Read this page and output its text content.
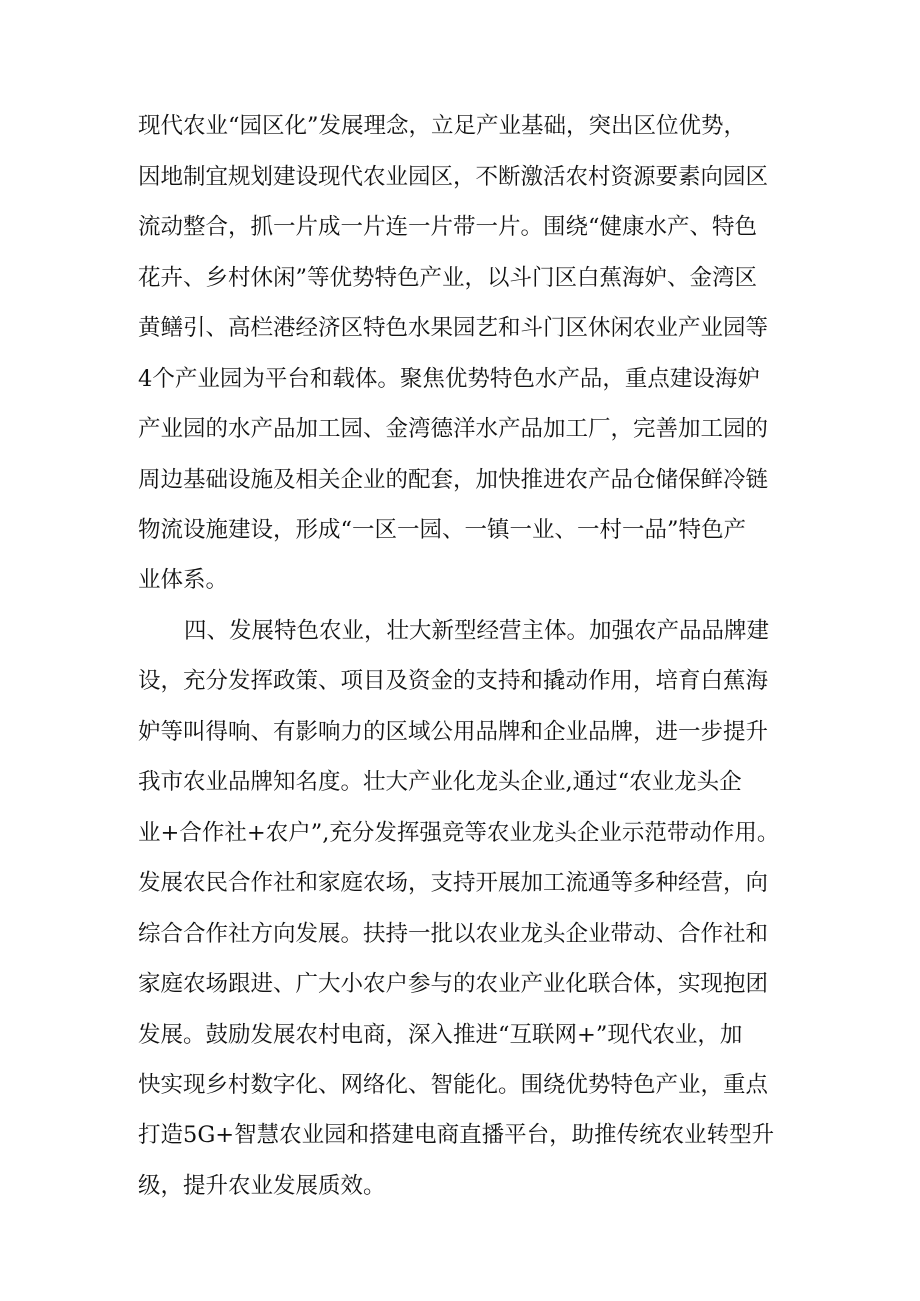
现代农业“园区化”发展理念，立足产业基础，突出区位优势，
因地制宜规划建设现代农业园区，不断激活农村资源要素向园区
流动整合，抓一片成一片连一片带一片。围绕“健康水产、特色
花卉、乡村休闲”等优势特色产业，以斗门区白蕉海妒、金湾区
黄鳝引、高栏港经济区特色水果园艺和斗门区休闲农业产业园等
4个产业园为平台和载体。聚焦优势特色水产品，重点建设海妒
产业园的水产品加工园、金湾德洋水产品加工厂，完善加工园的
周边基础设施及相关企业的配套，加快推进农产品仓储保鲜冷链
物流设施建设，形成“一区一园、一镇一业、一村一品”特色产
业体系。
四、发展特色农业，壮大新型经营主体。加强农产品品牌建
设，充分发挥政策、项目及资金的支持和撬动作用，培育白蕉海
妒等叫得响、有影响力的区域公用品牌和企业品牌，进一步提升
我市农业品牌知名度。壮大产业化龙头企业,通过“农业龙头企
业+合作社+农户”,充分发挥强竞等农业龙头企业示范带动作用。
发展农民合作社和家庭农场，支持开展加工流通等多种经营，向
综合合作社方向发展。扶持一批以农业龙头企业带动、合作社和
家庭农场跟进、广大小农户参与的农业产业化联合体，实现抱团
发展。鼓励发展农村电商，深入推进“互联网+”现代农业，加
快实现乡村数字化、网络化、智能化。围绕优势特色产业，重点
打造5G+智慧农业园和搭建电商直播平台，助推传统农业转型升
级，提升农业发展质效。
